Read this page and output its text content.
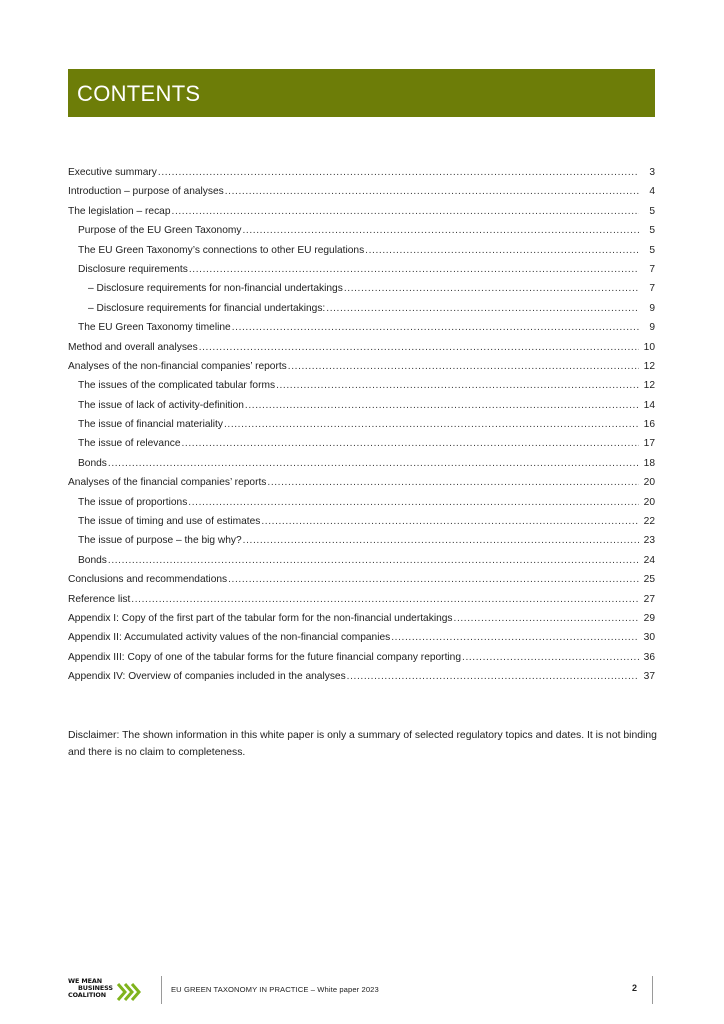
CONTENTS
Executive summary .....	3
Introduction – purpose of analyses .....	4
The legislation – recap .....	5
Purpose of the EU Green Taxonomy .....	5
The EU Green Taxonomy’s connections to other EU regulations .....	5
Disclosure requirements .....	7
– Disclosure requirements for non-financial undertakings .....	7
– Disclosure requirements for financial undertakings: .....	9
The EU Green Taxonomy timeline .....	9
Method and overall analyses .....	10
Analyses of the non-financial companies’ reports .....	12
The issues of the complicated tabular forms .....	12
The issue of lack of activity-definition .....	14
The issue of financial materiality .....	16
The issue of relevance .....	17
Bonds .....	18
Analyses of the financial companies’ reports .....	20
The issue of proportions .....	20
The issue of timing and use of estimates .....	22
The issue of purpose – the big why? .....	23
Bonds .....	24
Conclusions and recommendations .....	25
Reference list .....	27
Appendix I: Copy of the first part of the tabular form for the non-financial undertakings .....	29
Appendix II: Accumulated activity values of the non-financial companies .....	30
Appendix III: Copy of one of the tabular forms for the future financial company reporting .....	36
Appendix IV: Overview of companies included in the analyses .....	37
Disclaimer: The shown information in this white paper is only a summary of selected regulatory topics and dates. It is not binding and there is no claim to completeness.
WE MEAN
BUSINESS
COALITION
EU GREEN TAXONOMY IN PRACTICE – White paper 2023	2
